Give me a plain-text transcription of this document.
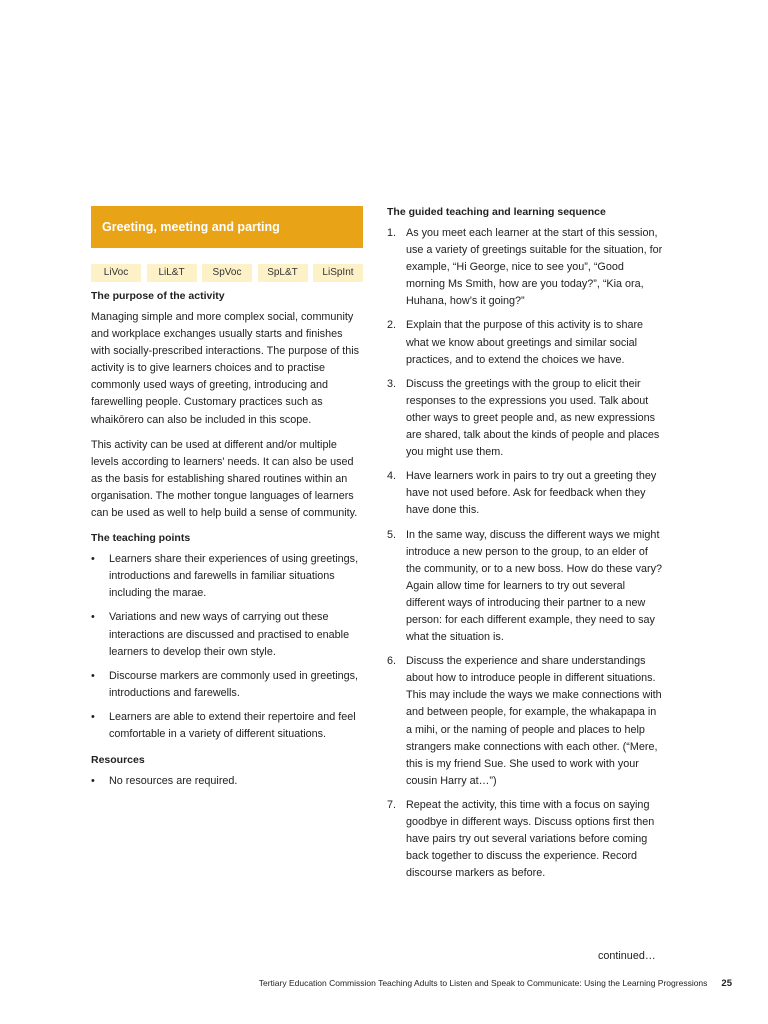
Greeting, meeting and parting
LiVoc	LiL&T	SpVoc	SpL&T	LiSpInt
The purpose of the activity

Managing simple and more complex social, community and workplace exchanges usually starts and finishes with socially-prescribed interactions. The purpose of this activity is to give learners choices and to practise commonly used ways of greeting, introducing and farewelling people. Customary practices such as whaikōrero can also be included in this scope.

This activity can be used at different and/or multiple levels according to learners' needs. It can also be used as the basis for establishing shared routines within an organisation. The mother tongue languages of learners can be used as well to help build a sense of community.

The teaching points
• Learners share their experiences of using greetings, introductions and farewells in familiar situations including the marae.
• Variations and new ways of carrying out these interactions are discussed and practised to enable learners to develop their own style.
• Discourse markers are commonly used in greetings, introductions and farewells.
• Learners are able to extend their repertoire and feel comfortable in a variety of different situations.
Resources
• No resources are required.
The guided teaching and learning sequence
1. As you meet each learner at the start of this session, use a variety of greetings suitable for the situation, for example, “Hi George, nice to see you”, “Good morning Ms Smith, how are you today?”, “Kia ora, Huhana, how’s it going?”
2. Explain that the purpose of this activity is to share what we know about greetings and similar social practices, and to extend the choices we have.
3. Discuss the greetings with the group to elicit their responses to the expressions you used. Talk about other ways to greet people and, as new expressions are shared, talk about the kinds of people and places you might use them.
4. Have learners work in pairs to try out a greeting they have not used before. Ask for feedback when they have done this.
5. In the same way, discuss the different ways we might introduce a new person to the group, to an elder of the community, or to a new boss. How do these vary? Again allow time for learners to try out several different ways of introducing their partner to a new person: for each different example, they need to say what the situation is.
6. Discuss the experience and share understandings about how to introduce people in different situations. This may include the ways we make connections with and between people, for example, the whakapapa in a mihi, or the naming of people and places to help strangers make connections with each other. (“Mere, this is my friend Sue. She used to work with your cousin Harry at…”)
7. Repeat the activity, this time with a focus on saying goodbye in different ways. Discuss options first then have pairs try out several variations before coming back together to discuss the experience. Record discourse markers as before.
continued…
Tertiary Education Commission Teaching Adults to Listen and Speak to Communicate: Using the Learning Progressions 25
